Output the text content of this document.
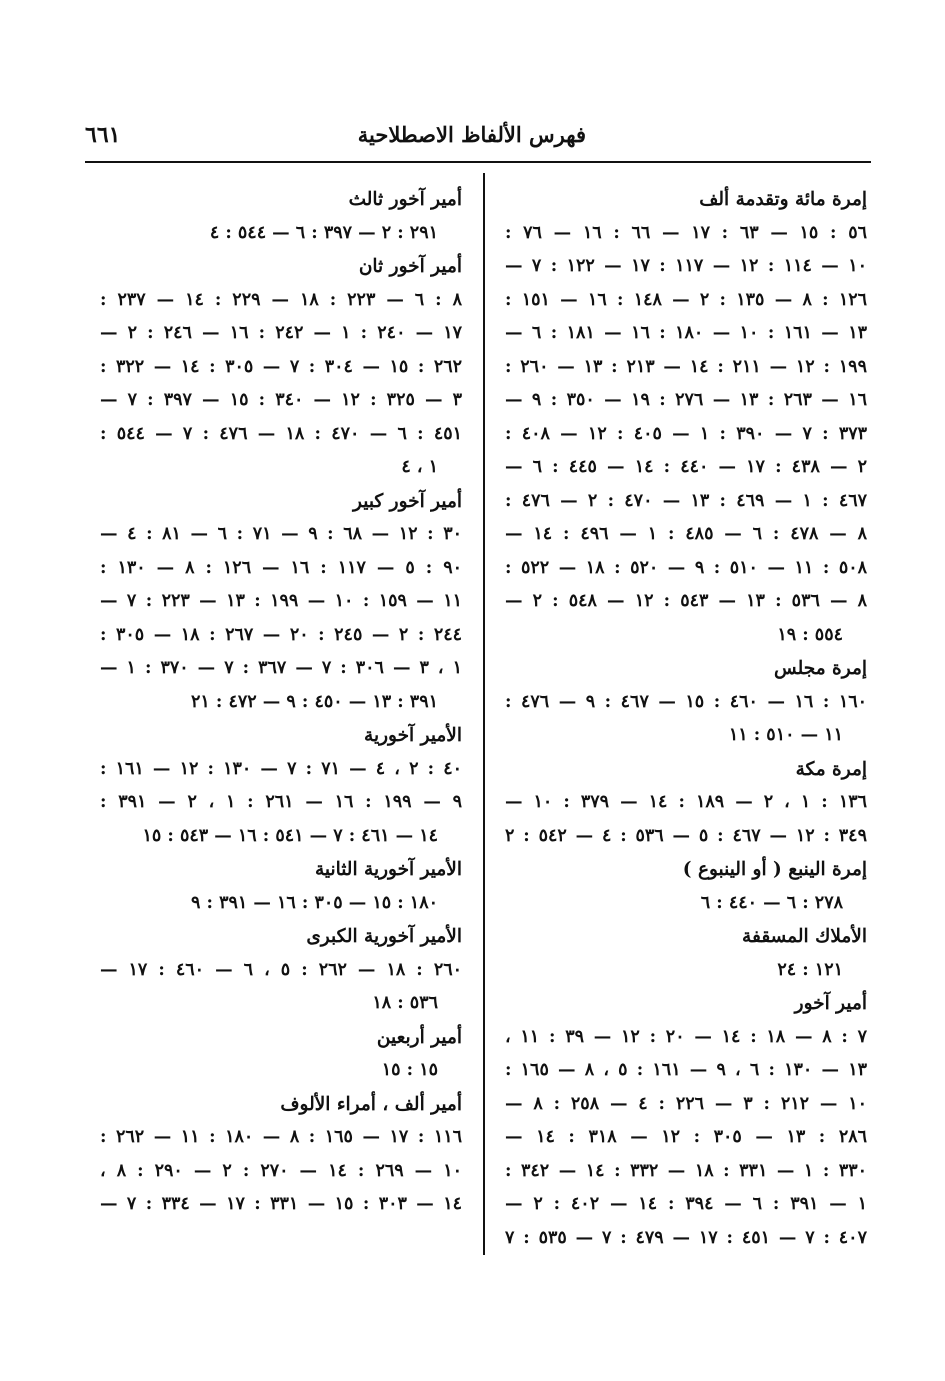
فهرس الألفاظ الاصطلاحية
٦٦١
إمرة مائة وتقدمة ألف
٥٦ : ١٥ — ٦٣ : ١٧ — ٦٦ : ١٦ — ٧٦ :
١٠ — ١١٤ : ١٢ — ١١٧ : ١٧ — ١٢٢ : ٧ —
١٢٦ : ٨ — ١٣٥ : ٢ — ١٤٨ : ١٦ — ١٥١ :
١٣ — ١٦١ : ١٠ — ١٨٠ : ١٦ — ١٨١ : ٦ —
١٩٩ : ١٢ — ٢١١ : ١٤ — ٢١٣ : ١٣ — ٢٦٠ :
١٦ — ٢٦٣ : ١٣ — ٢٧٦ : ١٩ — ٣٥٠ : ٩ —
٣٧٣ : ٧ — ٣٩٠ : ١ — ٤٠٥ : ١٢ — ٤٠٨ :
٢ — ٤٣٨ : ١٧ — ٤٤٠ : ١٤ — ٤٤٥ : ٦ —
٤٦٧ : ١ — ٤٦٩ : ١٣ — ٤٧٠ : ٢ — ٤٧٦ :
٨ — ٤٧٨ : ٦ — ٤٨٥ : ١ — ٤٩٦ : ١٤ —
٥٠٨ : ١١ — ٥١٠ : ٩ — ٥٢٠ : ١٨ — ٥٢٢ :
٨ — ٥٣٦ : ١٣ — ٥٤٣ : ١٢ — ٥٤٨ : ٢ —
٥٥٤ : ١٩
إمرة مجلس
١٦٠ : ١٦ — ٤٦٠ : ١٥ — ٤٦٧ : ٩ — ٤٧٦ :
١١ — ٥١٠ : ١١
إمرة مكة
١٣٦ : ١ ، ٢ — ١٨٩ : ١٤ — ٣٧٩ : ١٠ —
٣٤٩ : ١٢ — ٤٦٧ : ٥ — ٥٣٦ : ٤ — ٥٤٢ : ٢
إمرة الينبع ( أو الينبوع )
٢٧٨ : ٦ — ٤٤٠ : ٦
الأملاك المسقفة
١٢١ : ٢٤
أمير آخور
٧ : ٨ — ١٨ : ١٤ — ٢٠ : ١٢ — ٣٩ : ١١ ،
١٣ — ١٣٠ : ٦ ، ٩ — ١٦١ : ٥ ، ٨ — ١٦٥ :
١٠ — ٢١٢ : ٣ — ٢٢٦ : ٤ — ٢٥٨ : ٨ —
٢٨٦ : ١٣ — ٣٠٥ : ١٢ — ٣١٨ : ١٤ —
٣٣٠ : ١ — ٣٣١ : ١٨ — ٣٣٢ : ١٤ — ٣٤٢ :
١ — ٣٩١ : ٦ — ٣٩٤ : ١٤ — ٤٠٢ : ٢ —
٤٠٧ : ٧ — ٤٥١ : ١٧ — ٤٧٩ : ٧ — ٥٣٥ : ٧
أمير آخور ثالث
٢٩١ : ٢ — ٣٩٧ : ٦ — ٥٤٤ : ٤
أمير آخور ثان
٨ : ٦ — ٢٢٣ : ١٨ — ٢٢٩ : ١٤ — ٢٣٧ :
١٧ — ٢٤٠ : ١ — ٢٤٢ : ١٦ — ٢٤٦ : ٢ —
٢٦٢ : ١٥ — ٣٠٤ : ٧ — ٣٠٥ : ١٤ — ٣٢٢ :
٣ — ٣٢٥ : ١٢ — ٣٤٠ : ١٥ — ٣٩٧ : ٧ —
٤٥١ : ٦ — ٤٧٠ : ١٨ — ٤٧٦ : ٧ — ٥٤٤ :
١ ، ٤
أمير آخور كبير
٣٠ : ١٢ — ٦٨ : ٩ — ٧١ : ٦ — ٨١ : ٤ —
٩٠ : ٥ — ١١٧ : ١٦ — ١٢٦ : ٨ — ١٣٠ :
١١ — ١٥٩ : ١٠ — ١٩٩ : ١٣ — ٢٢٣ : ٧ —
٢٤٤ : ٢ — ٢٤٥ : ٢٠ — ٢٦٧ : ١٨ — ٣٠٥ :
١ ، ٣ — ٣٠٦ : ٧ — ٣٦٧ : ٧ — ٣٧٠ : ١ —
٣٩١ : ١٣ — ٤٥٠ : ٩ — ٤٧٢ : ٢١
الأمير آخورية
٤٠ : ٢ ، ٤ — ٧١ : ٧ — ١٣٠ : ١٢ — ١٦١ :
٩ — ١٩٩ : ١٦ — ٢٦١ : ١ ، ٢ — ٣٩١ :
١٤ — ٤٦١ : ٧ — ٥٤١ : ١٦ — ٥٤٣ : ١٥
الأمير آخورية الثانية
١٨٠ : ١٥ — ٣٠٥ : ١٦ — ٣٩١ : ٩
الأمير آخورية الكبرى
٢٦٠ : ١٨ — ٢٦٢ : ٥ ، ٦ — ٤٦٠ : ١٧ —
٥٣٦ : ١٨
أمير أربعين
١٥ : ١٥
أمير ألف ، أمراء الألوف
١١٦ : ١٧ — ١٦٥ : ٨ — ١٨٠ : ١١ — ٢٦٢ :
١٠ — ٢٦٩ : ١٤ — ٢٧٠ : ٢ — ٢٩٠ : ٨ ،
١٤ — ٣٠٣ : ١٥ — ٣٣١ : ١٧ — ٣٣٤ : ٧ —
